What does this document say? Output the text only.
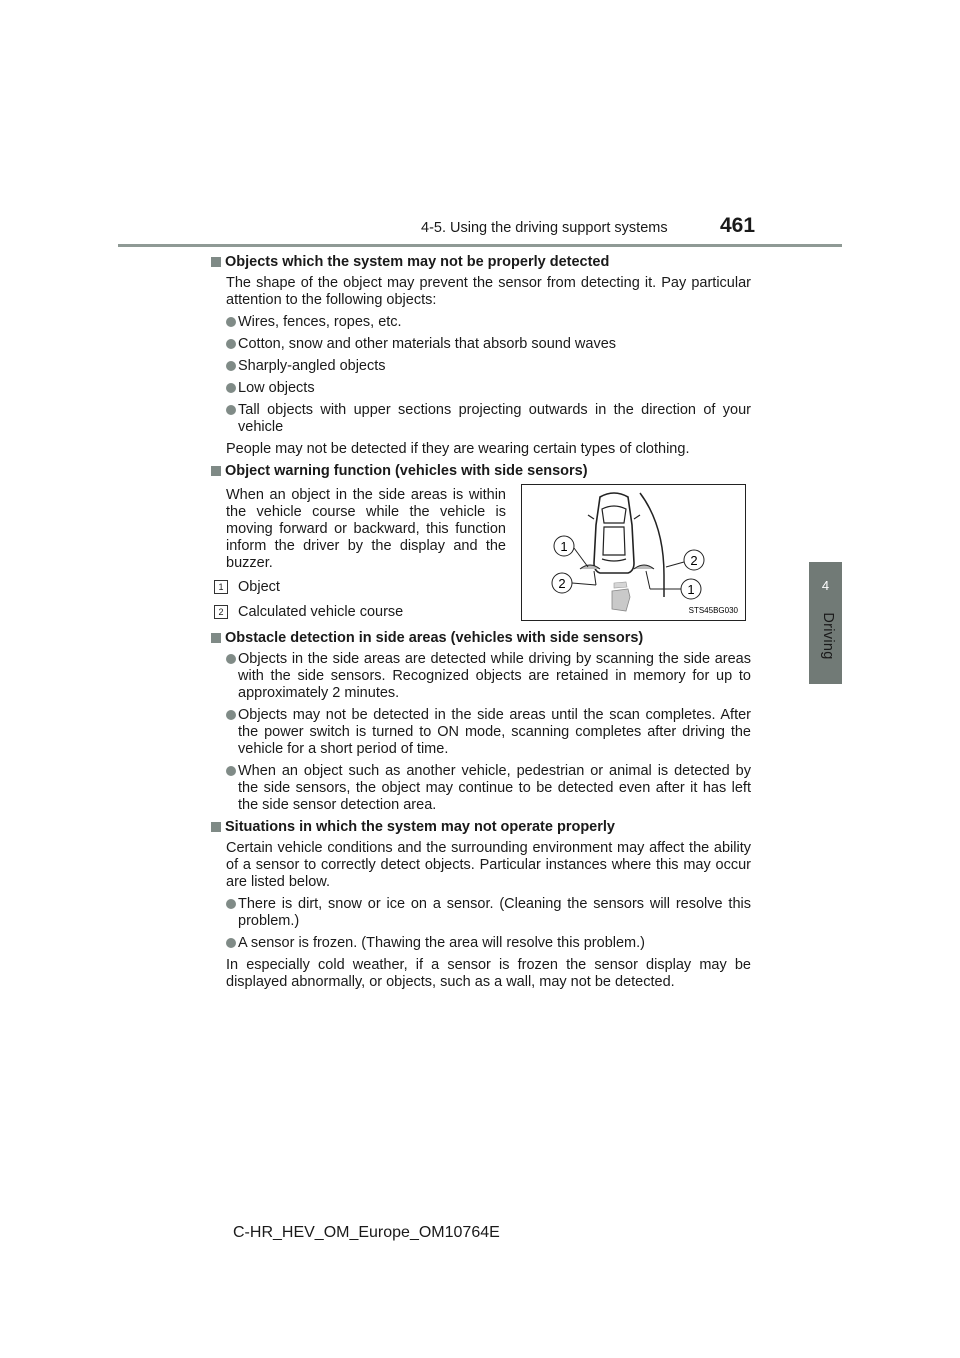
4-5. Using the driving support systems 461
4
Driving
Objects which the system may not be properly detected

The shape of the object may prevent the sensor from detecting it. Pay particular attention to the following objects:

Wires, fences, ropes, etc.
Cotton, snow and other materials that absorb sound waves
Sharply-angled objects
Low objects
Tall objects with upper sections projecting outwards in the direction of your vehicle

People may not be detected if they are wearing certain types of clothing.

Object warning function (vehicles with side sensors)
When an object in the side areas is within the vehicle course while the vehicle is moving forward or backward, this function inform the driver by the display and the buzzer.
1 Object
2 Calculated vehicle course
1
2
2
1
STS45BG030
Obstacle detection in side areas (vehicles with side sensors)
Objects in the side areas are detected while driving by scanning the side areas with the side sensors. Recognized objects are retained in memory for up to approximately 2 minutes.
Objects may not be detected in the side areas until the scan completes. After the power switch is turned to ON mode, scanning completes after driving the vehicle for a short period of time.
When an object such as another vehicle, pedestrian or animal is detected by the side sensors, the object may continue to be detected even after it has left the side sensor detection area.
Situations in which the system may not operate properly

Certain vehicle conditions and the surrounding environment may affect the ability of a sensor to correctly detect objects. Particular instances where this may occur are listed below.

There is dirt, snow or ice on a sensor. (Cleaning the sensors will resolve this problem.)
A sensor is frozen. (Thawing the area will resolve this problem.)

In especially cold weather, if a sensor is frozen the sensor display may be displayed abnormally, or objects, such as a wall, may not be detected.

C-HR_HEV_OM_Europe_OM10764E
